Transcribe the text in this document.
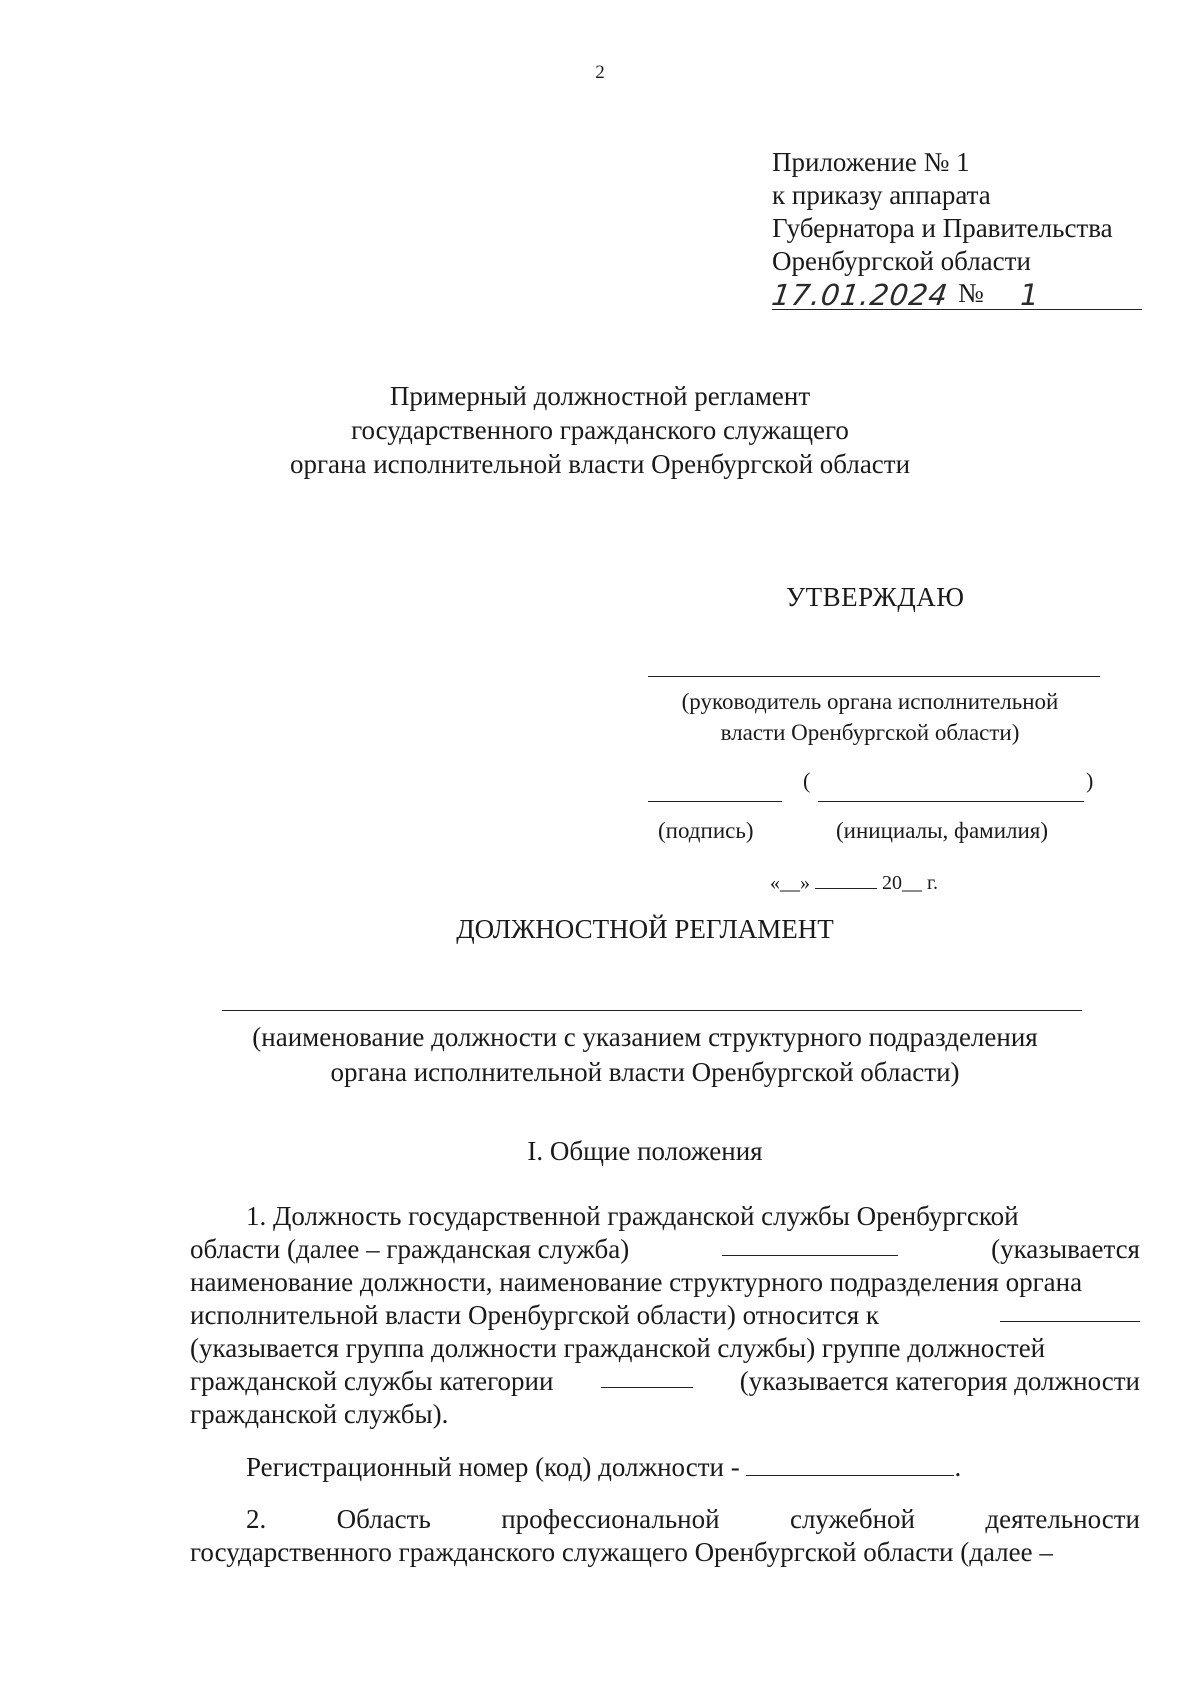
2
Приложение № 1
к приказу аппарата
Губернатора и Правительства
Оренбургской области
17.01.2024 № 1
Примерный должностной регламент
государственного гражданского служащего
органа исполнительной власти Оренбургской области
УТВЕРЖДАЮ
(руководитель органа исполнительной
власти Оренбургской области)
(	)
(подпись)	(инициалы, фамилия)
«__»	20__ г.
ДОЛЖНОСТНОЙ РЕГЛАМЕНТ
(наименование должности с указанием структурного подразделения
органа исполнительной власти Оренбургской области)
I. Общие положения
1. Должность государственной гражданской службы Оренбургской
области (далее – гражданская служба)	(указывается
наименование должности, наименование структурного подразделения органа
исполнительной власти Оренбургской области) относится к
(указывается группа должности гражданской службы) группе должностей
гражданской службы категории	(указывается категория должности
гражданской службы).
Регистрационный номер (код) должности -	.
2.	Область	профессиональной	служебной	деятельности
государственного гражданского служащего Оренбургской области (далее –
